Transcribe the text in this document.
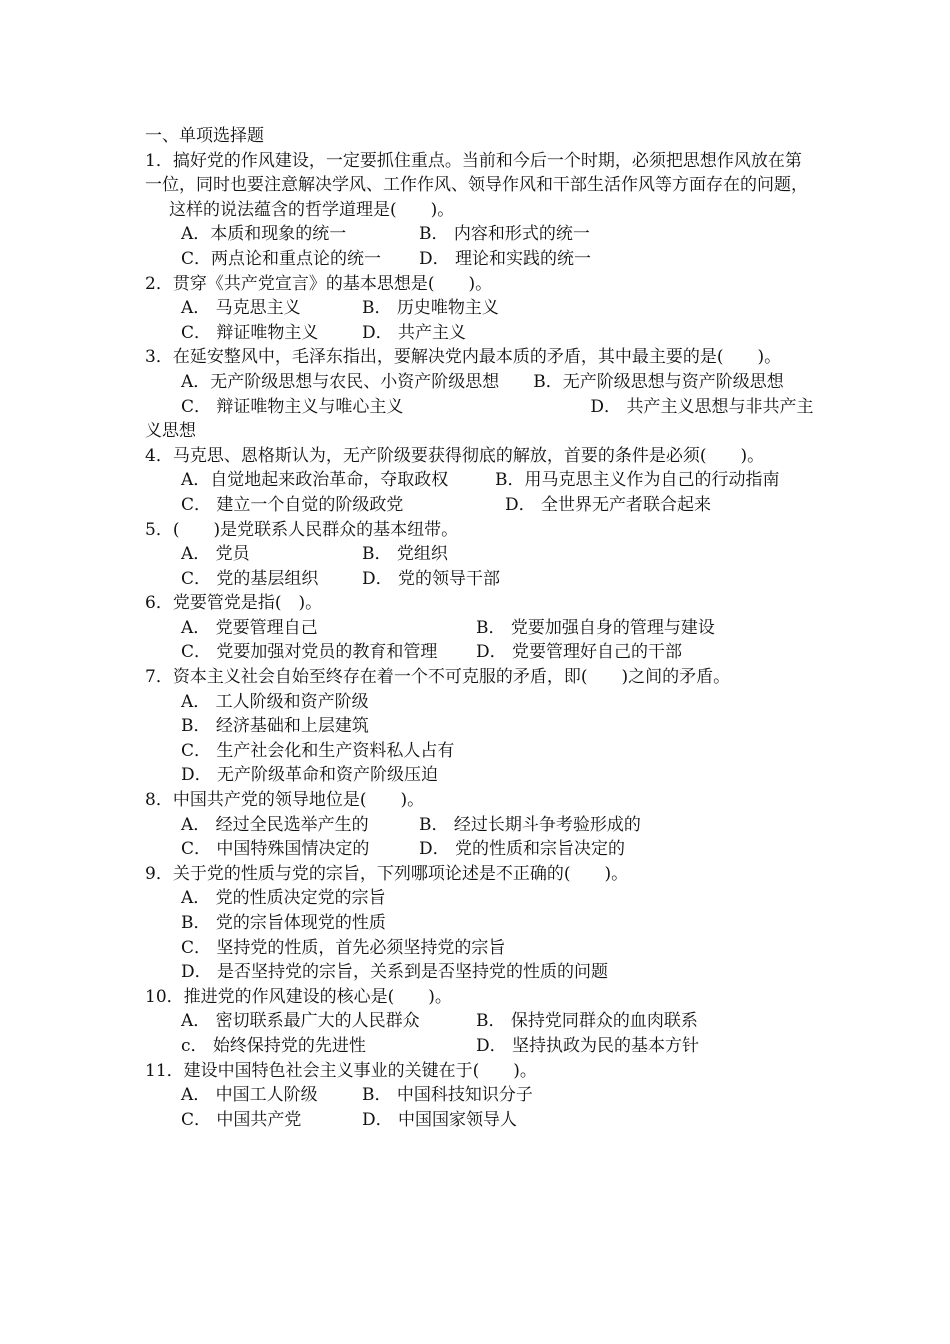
一、单项选择题
1．搞好党的作风建设，一定要抓住重点。当前和今后一个时期，必须把思想作风放在第一位，同时也要注意解决学风、工作作风、领导作风和干部生活作风等方面存在的问题，
这样的说法蕴含的哲学道理是(　　)。
A．本质和现象的统一	B． 内容和形式的统一
C．两点论和重点论的统一	D． 理论和实践的统一
2．贯穿《共产党宣言》的基本思想是(　　)。
A． 马克思主义	B． 历史唯物主义
C． 辩证唯物主义	D． 共产主义
3．在延安整风中，毛泽东指出，要解决党内最本质的矛盾，其中最主要的是(　　)。
A．无产阶级思想与农民、小资产阶级思想　　B．无产阶级思想与资产阶级思想
C． 辩证唯物主义与唯心主义　　　　　　　　　　　D． 共产主义思想与非共产主义思想
4．马克思、恩格斯认为，无产阶级要获得彻底的解放，首要的条件是必须(　　)。
A．自觉地起来政治革命，夺取政权	B．用马克思主义作为自己的行动指南
C． 建立一个自觉的阶级政党	D． 全世界无产者联合起来
5．(　　)是党联系人民群众的基本纽带。
A． 党员	B． 党组织
C． 党的基层组织	D． 党的领导干部
6．党要管党是指(　)。
A． 党要管理自己	B． 党要加强自身的管理与建设
C． 党要加强对党员的教育和管理	D． 党要管理好自己的干部
7．资本主义社会自始至终存在着一个不可克服的矛盾，即(　　)之间的矛盾。
A． 工人阶级和资产阶级
B． 经济基础和上层建筑
C． 生产社会化和生产资料私人占有
D． 无产阶级革命和资产阶级压迫
8．中国共产党的领导地位是(　　)。
A． 经过全民选举产生的	B． 经过长期斗争考验形成的
C． 中国特殊国情决定的	D． 党的性质和宗旨决定的
9．关于党的性质与党的宗旨，下列哪项论述是不正确的(　　)。
A． 党的性质决定党的宗旨
B． 党的宗旨体现党的性质
C． 坚持党的性质，首先必须坚持党的宗旨
D． 是否坚持党的宗旨，关系到是否坚持党的性质的问题
10．推进党的作风建设的核心是(　　)。
A． 密切联系最广大的人民群众	B． 保持党同群众的血肉联系
c． 始终保持党的先进性	D． 坚持执政为民的基本方针
11．建设中国特色社会主义事业的关键在于(　　)。
A． 中国工人阶级	B． 中国科技知识分子
C． 中国共产党	D． 中国国家领导人
